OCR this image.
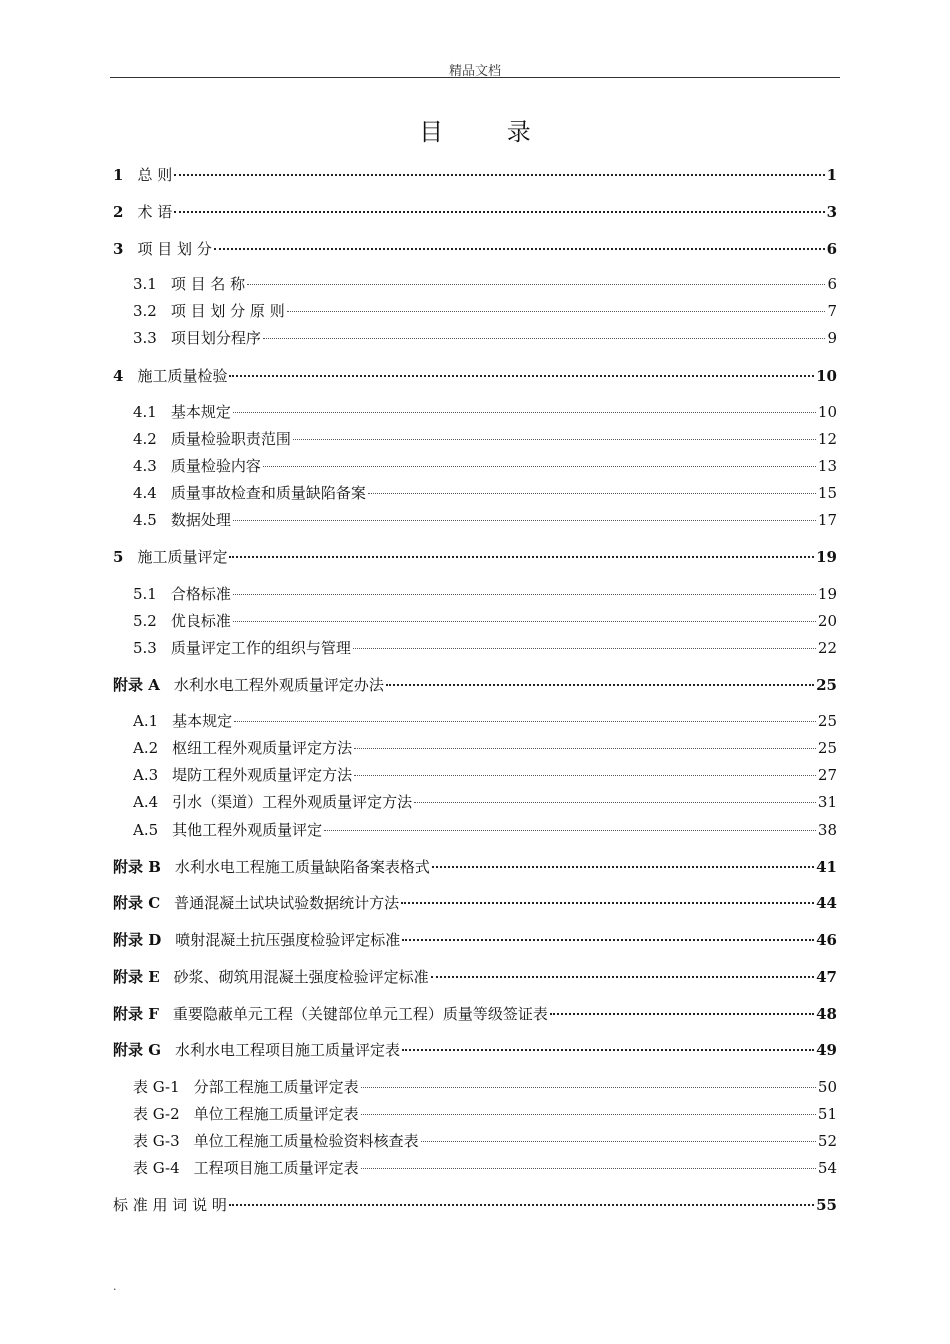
精品文档
目 录
1 总 则	1
2 术 语	3
3 项 目 划 分	6
3.1 项 目 名 称	6
3.2 项 目 划 分 原 则	7
3.3 项目划分程序	9
4 施工质量检验	10
4.1 基本规定	10
4.2 质量检验职责范围	12
4.3 质量检验内容	13
4.4 质量事故检查和质量缺陷备案	15
4.5 数据处理	17
5 施工质量评定	19
5.1 合格标准	19
5.2 优良标准	20
5.3 质量评定工作的组织与管理	22
附录 A 水利水电工程外观质量评定办法	25
A.1 基本规定	25
A.2 枢纽工程外观质量评定方法	25
A.3 堤防工程外观质量评定方法	27
A.4 引水（渠道）工程外观质量评定方法	31
A.5 其他工程外观质量评定	38
附录 B 水利水电工程施工质量缺陷备案表格式	41
附录 C 普通混凝土试块试验数据统计方法	44
附录 D 喷射混凝土抗压强度检验评定标准	46
附录 E 砂浆、砌筑用混凝土强度检验评定标准	47
附录 F 重要隐蔽单元工程（关键部位单元工程）质量等级签证表	48
附录 G 水利水电工程项目施工质量评定表	49
表 G-1 分部工程施工质量评定表	50
表 G-2 单位工程施工质量评定表	51
表 G-3 单位工程施工质量检验资料核查表	52
表 G-4 工程项目施工质量评定表	54
标 准 用 词 说 明	55
.
